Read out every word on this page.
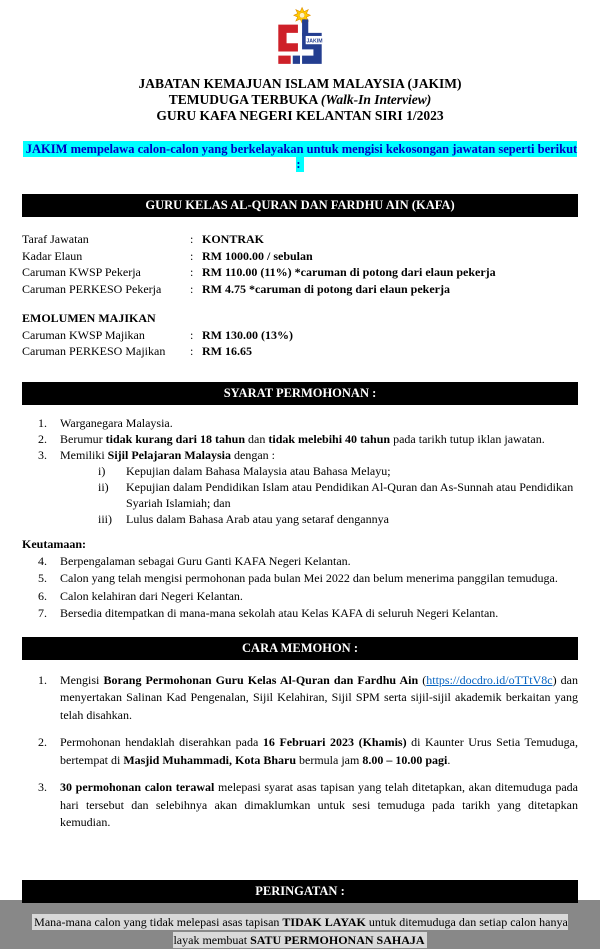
JAKIM
JABATAN KEMAJUAN ISLAM MALAYSIA (JAKIM)
TEMUDUGA TERBUKA (Walk-In Interview)
GURU KAFA NEGERI KELANTAN SIRI 1/2023
JAKIM mempelawa calon-calon yang berkelayakan untuk mengisi kekosongan jawatan seperti berikut :
GURU KELAS AL-QURAN DAN FARDHU AIN (KAFA)
Taraf Jawatan	: KONTRAK
Kadar Elaun	: RM 1000.00 / sebulan
Caruman KWSP Pekerja	: RM 110.00 (11%) *caruman di potong dari elaun pekerja
Caruman PERKESO Pekerja	: RM 4.75 *caruman di potong dari elaun pekerja
EMOLUMEN MAJIKAN
Caruman KWSP Majikan	: RM 130.00 (13%)
Caruman PERKESO Majikan	: RM 16.65
SYARAT PERMOHONAN :
1.	Warganegara Malaysia.
2.	Berumur tidak kurang dari 18 tahun dan tidak melebihi 40 tahun pada tarikh tutup iklan jawatan.
3.	Memiliki Sijil Pelajaran Malaysia dengan :
i)	Kepujian dalam Bahasa Malaysia atau Bahasa Melayu;
ii)	Kepujian dalam Pendidikan Islam atau Pendidikan Al-Quran dan As-Sunnah atau Pendidikan Syariah Islamiah; dan
iii)	Lulus dalam Bahasa Arab atau yang setaraf dengannya
Keutamaan:
4.	Berpengalaman sebagai Guru Ganti KAFA Negeri Kelantan.
5.	Calon yang telah mengisi permohonan pada bulan Mei 2022 dan belum menerima panggilan temuduga.
6.	Calon kelahiran dari Negeri Kelantan.
7.	Bersedia ditempatkan di mana-mana sekolah atau Kelas KAFA di seluruh Negeri Kelantan.
CARA MEMOHON :
1.	Mengisi Borang Permohonan Guru Kelas Al-Quran dan Fardhu Ain (https://docdro.id/oTTtV8c) dan menyertakan Salinan Kad Pengenalan, Sijil Kelahiran, Sijil SPM serta sijil-sijil akademik berkaitan yang telah disahkan.
2.	Permohonan hendaklah diserahkan pada 16 Februari 2023 (Khamis) di Kaunter Urus Setia Temuduga, bertempat di Masjid Muhammadi, Kota Bharu bermula jam 8.00 – 10.00 pagi.
3.	30 permohonan calon terawal melepasi syarat asas tapisan yang telah ditetapkan, akan ditemuduga pada hari tersebut dan selebihnya akan dimaklumkan untuk sesi temuduga pada tarikh yang ditetapkan kemudian.
PERINGATAN :
Mana-mana calon yang tidak melepasi asas tapisan TIDAK LAYAK untuk ditemuduga dan setiap calon hanya layak membuat SATU PERMOHONAN SAHAJA
